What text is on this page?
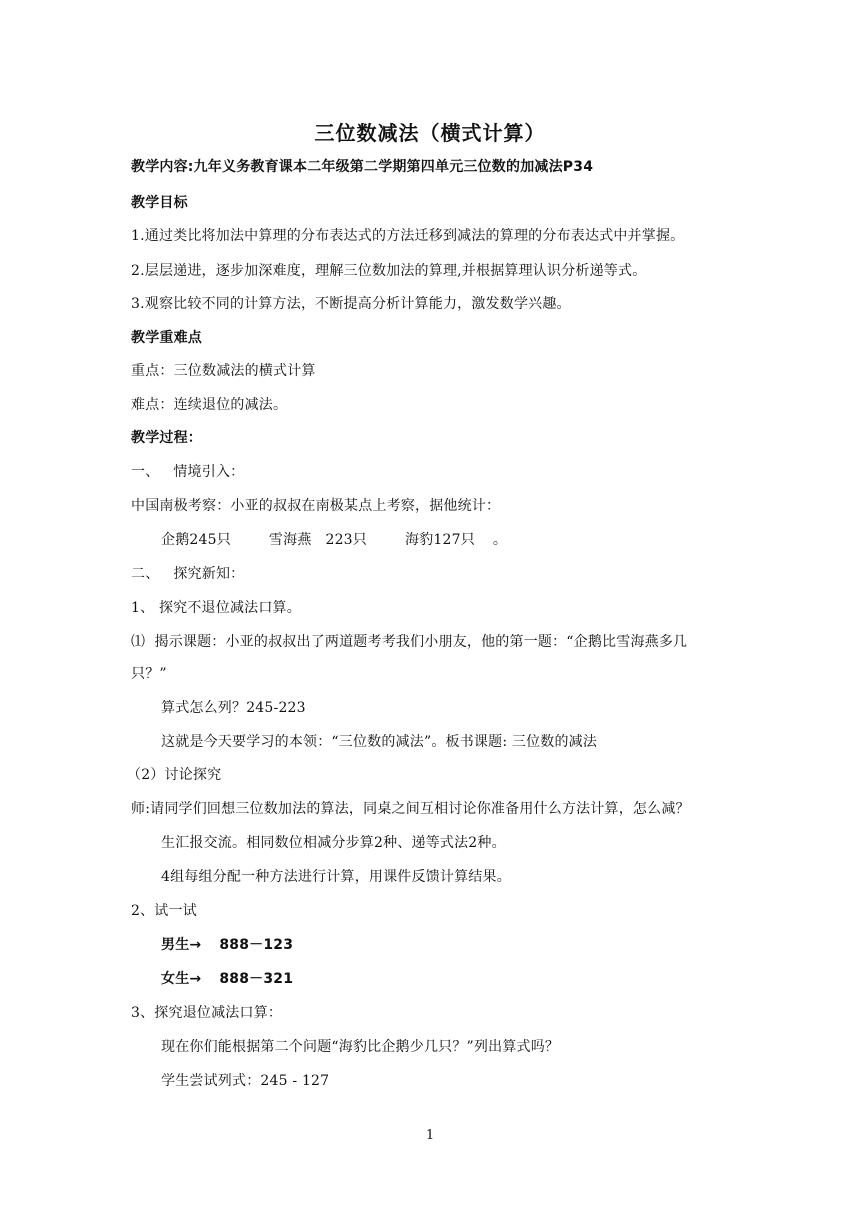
三位数减法（横式计算）
教学内容:九年义务教育课本二年级第二学期第四单元三位数的加减法P34
教学目标
1.通过类比将加法中算理的分布表达式的方法迁移到减法的算理的分布表达式中并掌握。
2.层层递进，逐步加深难度，理解三位数加法的算理,并根据算理认识分析递等式。
3.观察比较不同的计算方法，不断提高分析计算能力，激发数学兴趣。
教学重难点
重点：三位数减法的横式计算
难点：连续退位的减法。
教学过程：
一、   情境引入：
中国南极考察：小亚的叔叔在南极某点上考察，据他统计：
企鹅245只	雪海燕   223只	海豹127只 。
二、   探究新知：
1、 探究不退位减法口算。
⑴  揭示课题：小亚的叔叔出了两道题考考我们小朋友，他的第一题：“企鹅比雪海燕多几
只？”
算式怎么列？245-223
这就是今天要学习的本领：“三位数的减法”。板书课题: 三位数的减法
（2）讨论探究
师:请同学们回想三位数加法的算法，同桌之间互相讨论你准备用什么方法计算，怎么减？
生汇报交流。相同数位相减分步算2种、递等式法2种。
4组每组分配一种方法进行计算，用课件反馈计算结果。
2、试一试
男生→ 888－123
女生→ 888－321
3、探究退位减法口算：
现在你们能根据第二个问题“海豹比企鹅少几只？”列出算式吗？
学生尝试列式：245 - 127
1
